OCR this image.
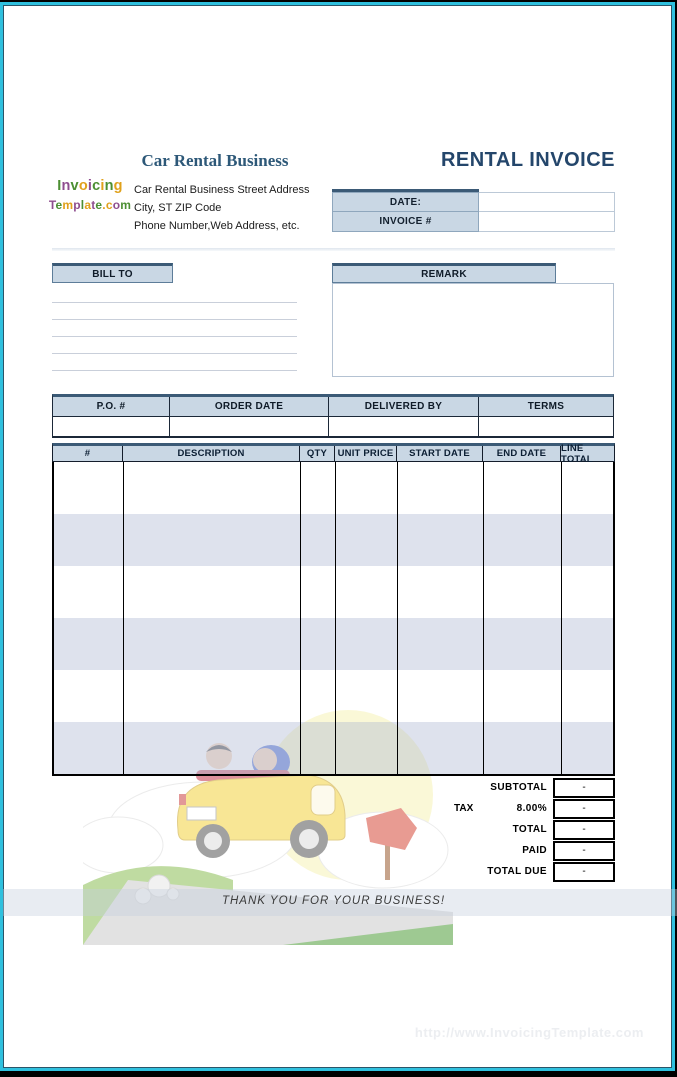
Car Rental Business
Invoicing
Template.com
Car Rental Business Street Address
City, ST ZIP Code
Phone Number,Web Address, etc.
RENTAL INVOICE
DATE:
INVOICE #
BILL TO	REMARK
P.O. #	ORDER DATE	DELIVERED BY	TERMS
#	DESCRIPTION	QTY	UNIT PRICE	START DATE	END DATE	LINE TOTAL
SUBTOTAL	-
TAX	8.00%	-
TOTAL	-
PAID	-
TOTAL DUE	-
THANK YOU FOR YOUR BUSINESS!
http://www.InvoicingTemplate.com
